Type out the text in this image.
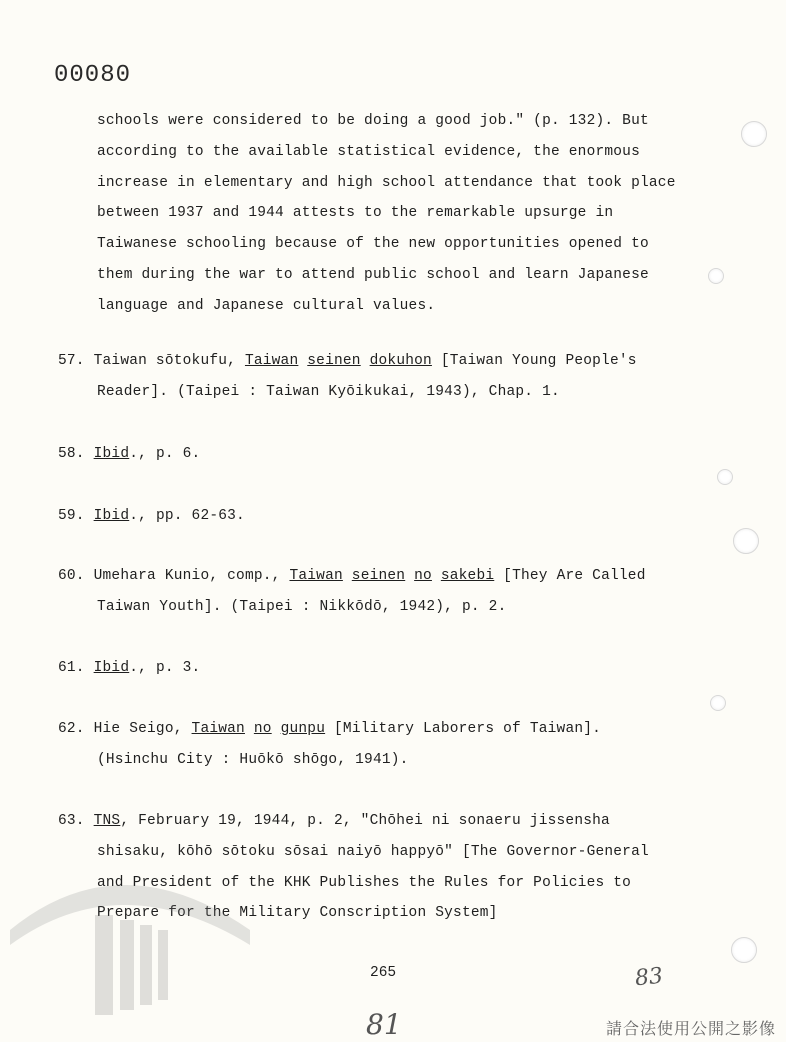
00080

schools were considered to be doing a good job." (p. 132). But

according to the available statistical evidence, the enormous

increase in elementary and high school attendance that took place

between 1937 and 1944 attests to the remarkable upsurge in

Taiwanese schooling because of the new opportunities opened to

them during the war to attend public school and learn Japanese

language and Japanese cultural values.

57. Taiwan sōtokufu, Taiwan seinen dokuhon [Taiwan Young People's
Reader]. (Taipei : Taiwan Kyōikukai, 1943), Chap. 1.
58. Ibid., p. 6.
59. Ibid., pp. 62-63.
60. Umehara Kunio, comp., Taiwan seinen no sakebi [They Are Called
Taiwan Youth]. (Taipei : Nikkōdō, 1942), p. 2.
61. Ibid., p. 3.
62. Hie Seigo, Taiwan no gunpu [Military Laborers of Taiwan].
(Hsinchu City : Huōkō shōgo, 1941).
63. TNS, February 19, 1944, p. 2, "Chōhei ni sonaeru jissensha
shisaku, kōhō sōtoku sōsai naiyō happyō" [The Governor-General
and President of the KHK Publishes the Rules for Policies to
Prepare for the Military Conscription System]
265	83
81	請合法使用公開之影像
